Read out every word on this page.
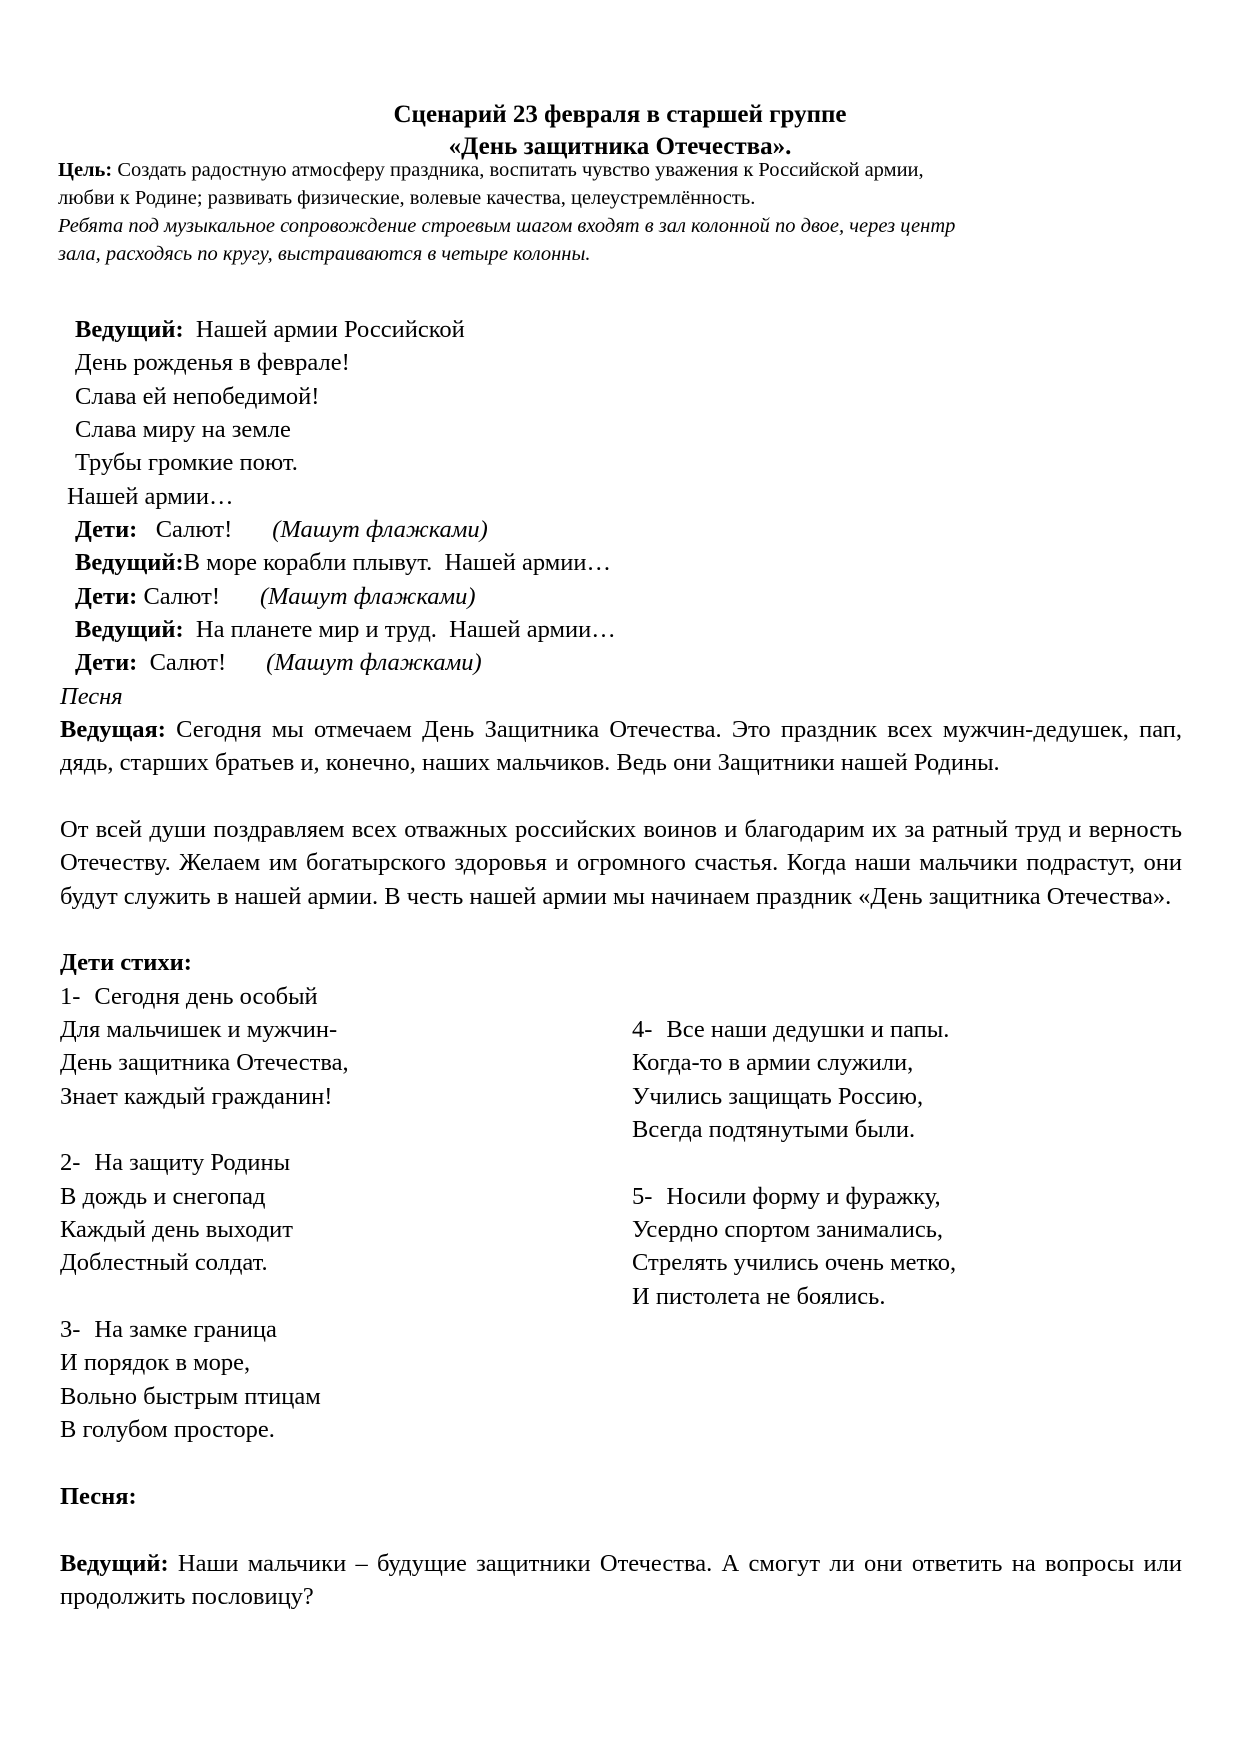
Сценарий 23 февраля в старшей группе
«День защитника Отечества».
Цель: Создать радостную атмосферу праздника, воспитать чувство уважения к Российской армии,
любви к Родине; развивать физические, волевые качества, целеустремлённость.
Ребята под музыкальное сопровождение строевым шагом входят в зал колонной по двое, через центр
зала, расходясь по кругу, выстраиваются в четыре колонны.
Ведущий:  Нашей армии Российской
День рожденья в феврале!
Слава ей непобедимой!
Слава миру на земле
Трубы громкие поют.
Нашей армии…
Дети:   Салют! (Машут флажками)
Ведущий:В море корабли плывут.  Нашей армии…
Дети: Салют! (Машут флажками)
Ведущий:  На планете мир и труд.  Нашей армии…
Дети:  Салют! (Машут флажками)
Песня
Ведущая: Сегодня мы отмечаем День Защитника Отечества. Это праздник всех мужчин-дедушек, пап, дядь, старших братьев и, конечно, наших мальчиков. Ведь они Защитники нашей Родины.
От всей души поздравляем всех отважных российских воинов и благодарим их за ратный труд и верность Отечеству. Желаем им богатырского здоровья и огромного счастья. Когда наши мальчики подрастут, они будут служить в нашей армии. В честь нашей армии мы начинаем праздник «День защитника Отечества».
Дети стихи:
1- Сегодня день особый
Для мальчишек и мужчин-
День защитника Отечества,
Знает каждый гражданин!
2- На защиту Родины
В дождь и снегопад
Каждый день выходит
Доблестный солдат.
3- На замке граница
И порядок в море,
Вольно быстрым птицам
В голубом просторе.
4- Все наши дедушки и папы.
Когда-то в армии служили,
Учились защищать Россию,
Всегда подтянутыми были.
5- Носили форму и фуражку,
Усердно спортом занимались,
Стрелять учились очень метко,
И пистолета не боялись.
Песня:
Ведущий: Наши мальчики – будущие защитники Отечества. А смогут ли они ответить на вопросы или продолжить пословицу?
